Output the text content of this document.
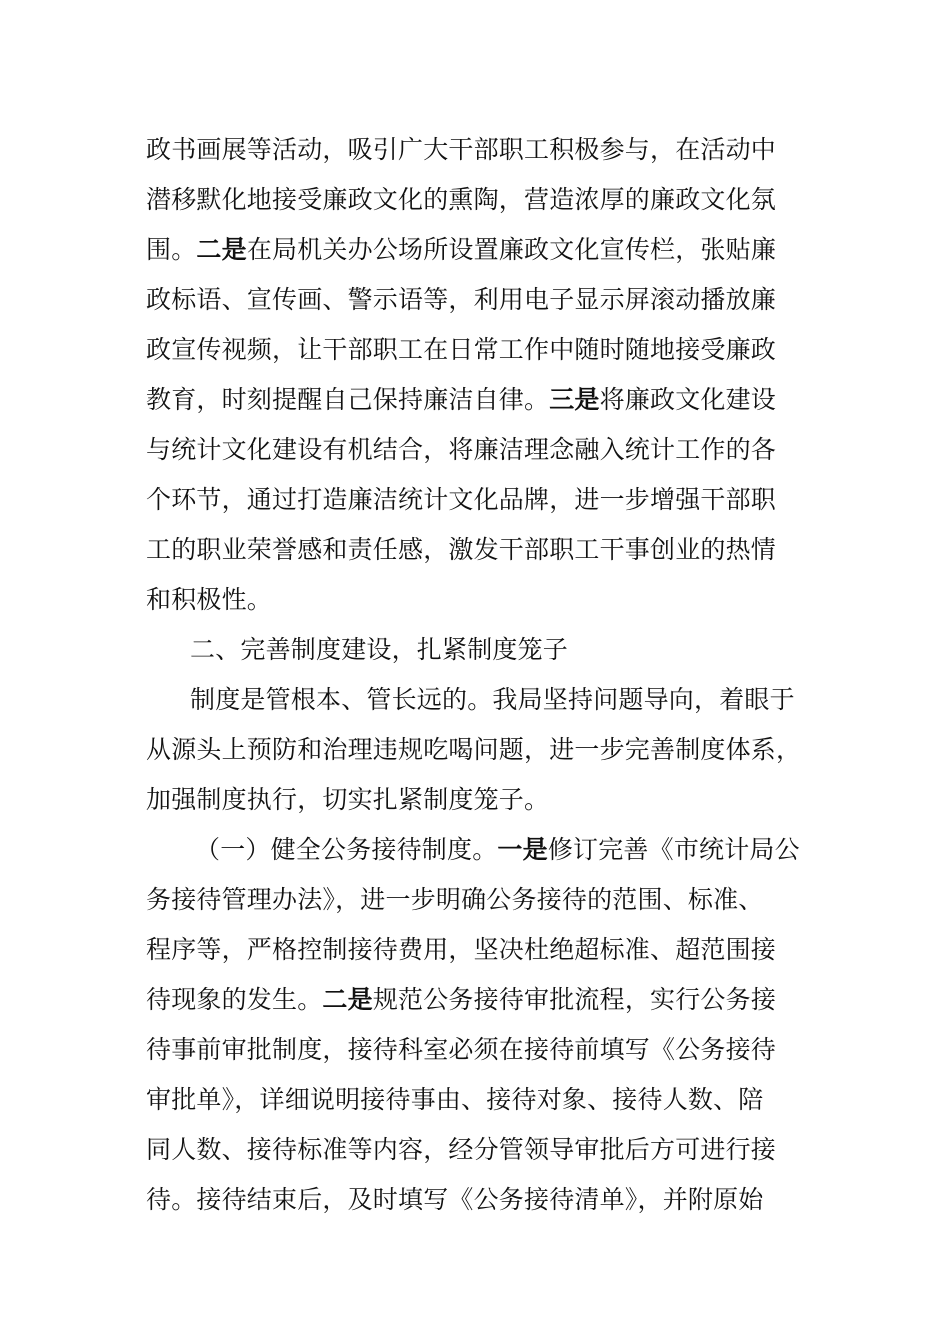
政书画展等活动，吸引广大干部职工积极参与，在活动中
潜移默化地接受廉政文化的熏陶，营造浓厚的廉政文化氛
围。二是在局机关办公场所设置廉政文化宣传栏，张贴廉
政标语、宣传画、警示语等，利用电子显示屏滚动播放廉
政宣传视频，让干部职工在日常工作中随时随地接受廉政
教育，时刻提醒自己保持廉洁自律。三是将廉政文化建设
与统计文化建设有机结合，将廉洁理念融入统计工作的各
个环节，通过打造廉洁统计文化品牌，进一步增强干部职
工的职业荣誉感和责任感，激发干部职工干事创业的热情
和积极性。
二、完善制度建设，扎紧制度笼子
制度是管根本、管长远的。我局坚持问题导向，着眼于
从源头上预防和治理违规吃喝问题，进一步完善制度体系，
加强制度执行，切实扎紧制度笼子。
（一）健全公务接待制度。一是修订完善《市统计局公
务接待管理办法》，进一步明确公务接待的范围、标准、
程序等，严格控制接待费用，坚决杜绝超标准、超范围接
待现象的发生。二是规范公务接待审批流程，实行公务接
待事前审批制度，接待科室必须在接待前填写《公务接待
审批单》，详细说明接待事由、接待对象、接待人数、陪
同人数、接待标准等内容，经分管领导审批后方可进行接
待。接待结束后，及时填写《公务接待清单》，并附原始
